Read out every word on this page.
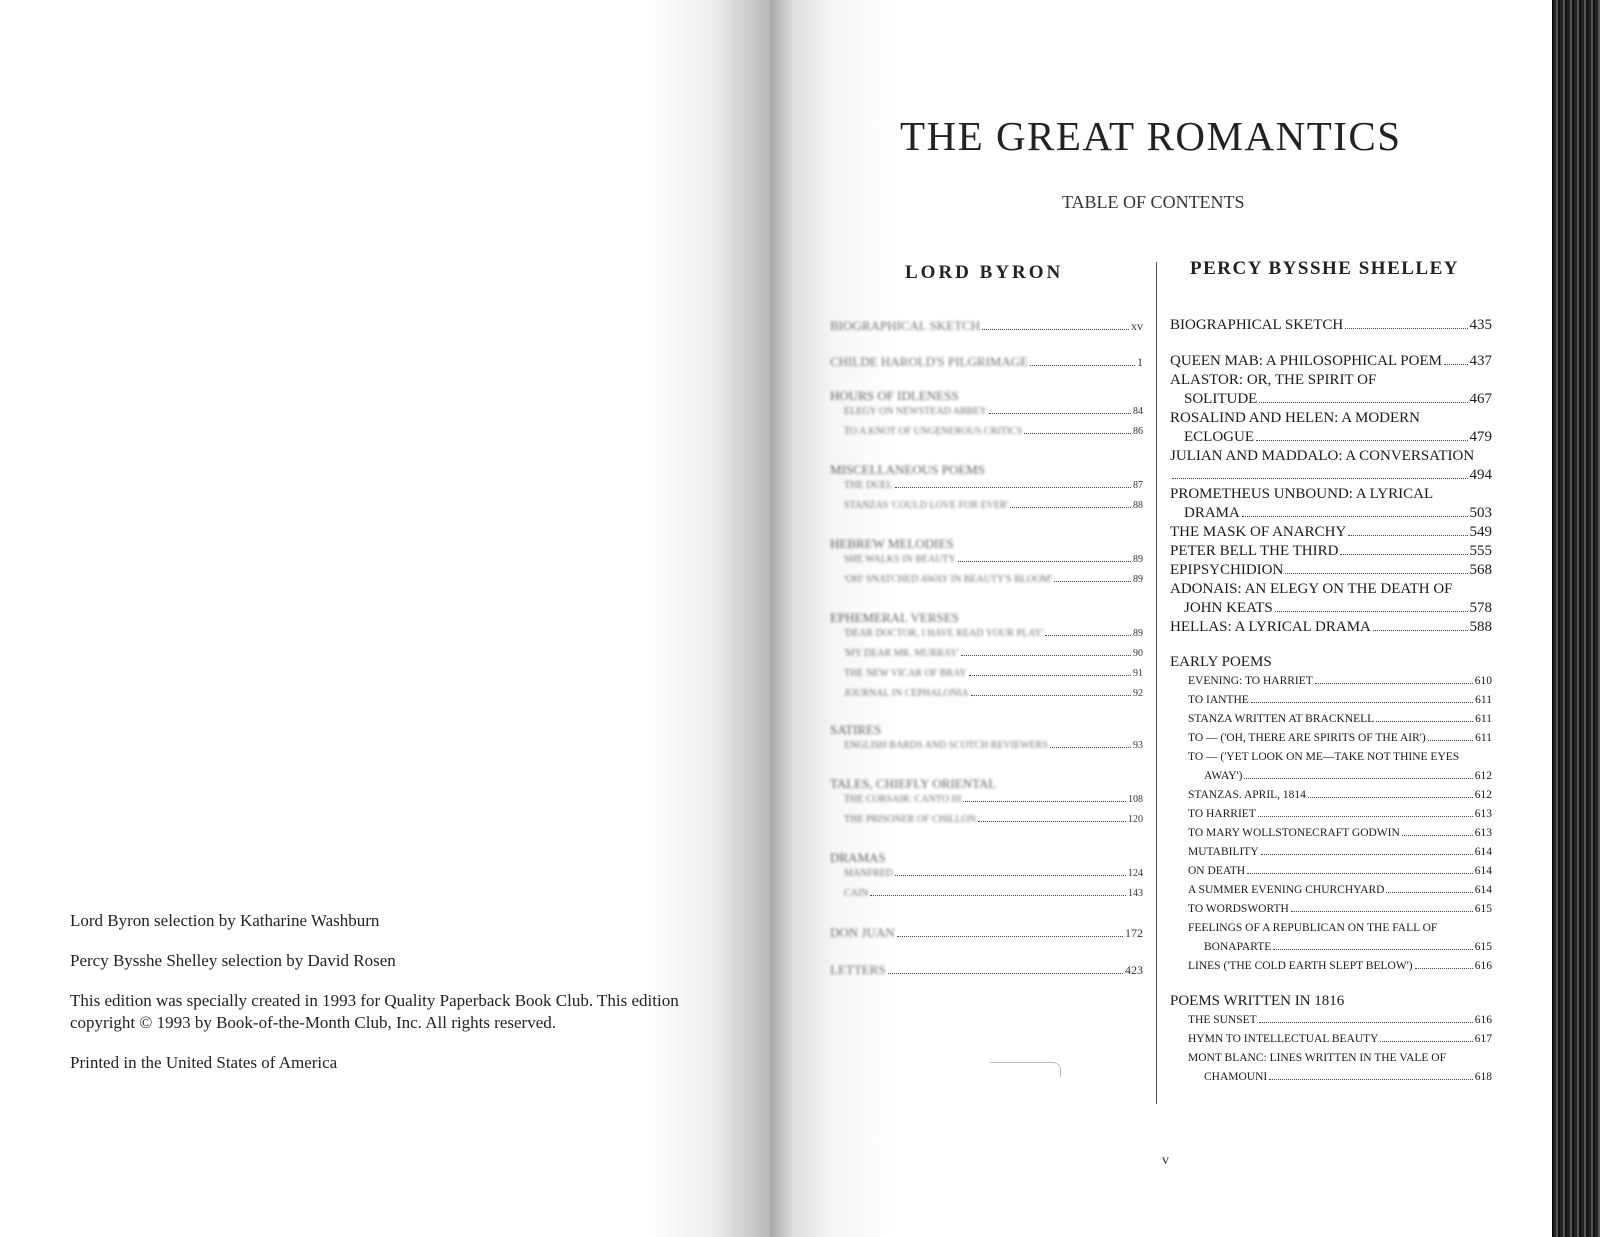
Lord Byron selection by Katharine Washburn

Percy Bysshe Shelley selection by David Rosen

This edition was specially created in 1993 for Quality Paperback Book Club. This edition copyright © 1993 by Book-of-the-Month Club, Inc. All rights reserved.

Printed in the United States of America

THE GREAT ROMANTICS
TABLE OF CONTENTS
LORD BYRON	PERCY BYSSHE SHELLEY
BIOGRAPHICAL SKETCH	xv
CHILDE HAROLD'S PILGRIMAGE	1
HOURS OF IDLENESS
ELEGY ON NEWSTEAD ABBEY	84
TO A KNOT OF UNGENEROUS CRITICS	86
MISCELLANEOUS POEMS
THE DUEL	87
STANZAS 'COULD LOVE FOR EVER'	88
HEBREW MELODIES
SHE WALKS IN BEAUTY	89
'OH! SNATCHED AWAY IN BEAUTY'S BLOOM'	89
EPHEMERAL VERSES
'DEAR DOCTOR, I HAVE READ YOUR PLAY'	89
'MY DEAR MR. MURRAY'	90
THE NEW VICAR OF BRAY	91
JOURNAL IN CEPHALONIA	92
SATIRES
ENGLISH BARDS AND SCOTCH REVIEWERS	93
TALES, CHIEFLY ORIENTAL
THE CORSAIR: CANTO III	108
THE PRISONER OF CHILLON	120
DRAMAS
MANFRED	124
CAIN	143
DON JUAN	172
LETTERS	423
BIOGRAPHICAL SKETCH	435
QUEEN MAB: A PHILOSOPHICAL POEM 437
ALASTOR: OR, THE SPIRIT OF
SOLITUDE	467
ROSALIND AND HELEN: A MODERN
ECLOGUE	479
JULIAN AND MADDALO: A CONVERSATION
494
PROMETHEUS UNBOUND: A LYRICAL
DRAMA	503
THE MASK OF ANARCHY	549
PETER BELL THE THIRD	555
EPIPSYCHIDION	568
ADONAIS: AN ELEGY ON THE DEATH OF
JOHN KEATS	578
HELLAS: A LYRICAL DRAMA	588
EARLY POEMS
EVENING: TO HARRIET	610
TO IANTHE	611
STANZA WRITTEN AT BRACKNELL	611
TO — ('OH, THERE ARE SPIRITS OF THE AIR')	611
TO — ('YET LOOK ON ME—TAKE NOT THINE EYES
AWAY')	612
STANZAS. APRIL, 1814	612
TO HARRIET	613
TO MARY WOLLSTONECRAFT GODWIN	613
MUTABILITY	614
ON DEATH	614
A SUMMER EVENING CHURCHYARD	614
TO WORDSWORTH	615
FEELINGS OF A REPUBLICAN ON THE FALL OF
BONAPARTE	615
LINES ('THE COLD EARTH SLEPT BELOW')	616
POEMS WRITTEN IN 1816
THE SUNSET	616
HYMN TO INTELLECTUAL BEAUTY	617
MONT BLANC: LINES WRITTEN IN THE VALE OF
CHAMOUNI	618
v
